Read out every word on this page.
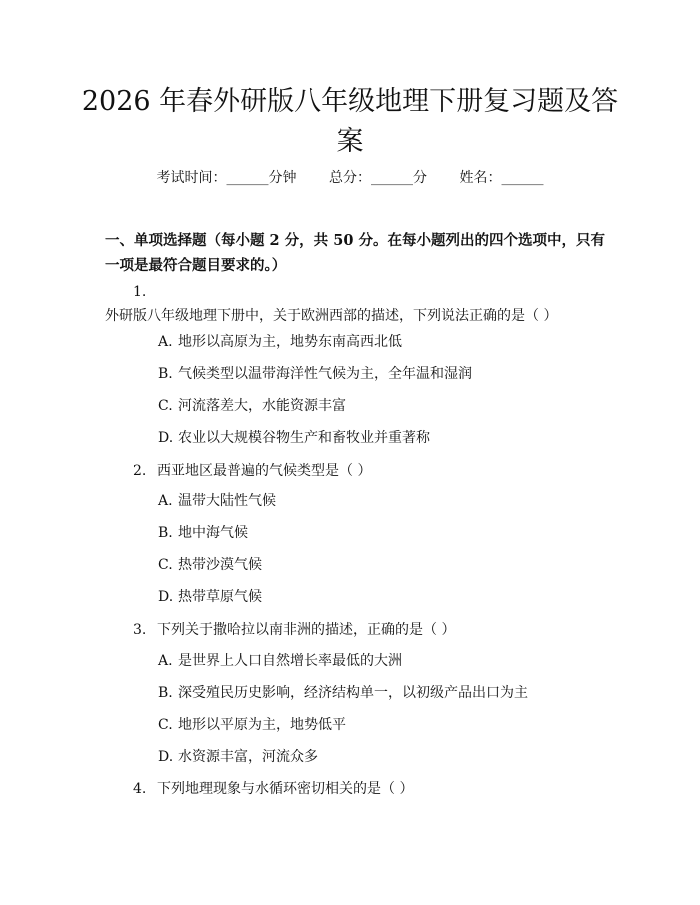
2026 年春外研版八年级地理下册复习题及答案
考试时间：______分钟 总分：______分 姓名：______
一、单项选择题（每小题 2 分，共 50 分。在每小题列出的四个选项中，只有一项是最符合题目要求的。）
1.外研版八年级地理下册中，关于欧洲西部的描述，下列说法正确的是（ ）
A. 地形以高原为主，地势东南高西北低
B. 气候类型以温带海洋性气候为主，全年温和湿润
C. 河流落差大，水能资源丰富
D. 农业以大规模谷物生产和畜牧业并重著称
2. 西亚地区最普遍的气候类型是（ ）
A. 温带大陆性气候
B. 地中海气候
C. 热带沙漠气候
D. 热带草原气候
3. 下列关于撒哈拉以南非洲的描述，正确的是（ ）
A. 是世界上人口自然增长率最低的大洲
B. 深受殖民历史影响，经济结构单一，以初级产品出口为主
C. 地形以平原为主，地势低平
D. 水资源丰富，河流众多
4. 下列地理现象与水循环密切相关的是（ ）
